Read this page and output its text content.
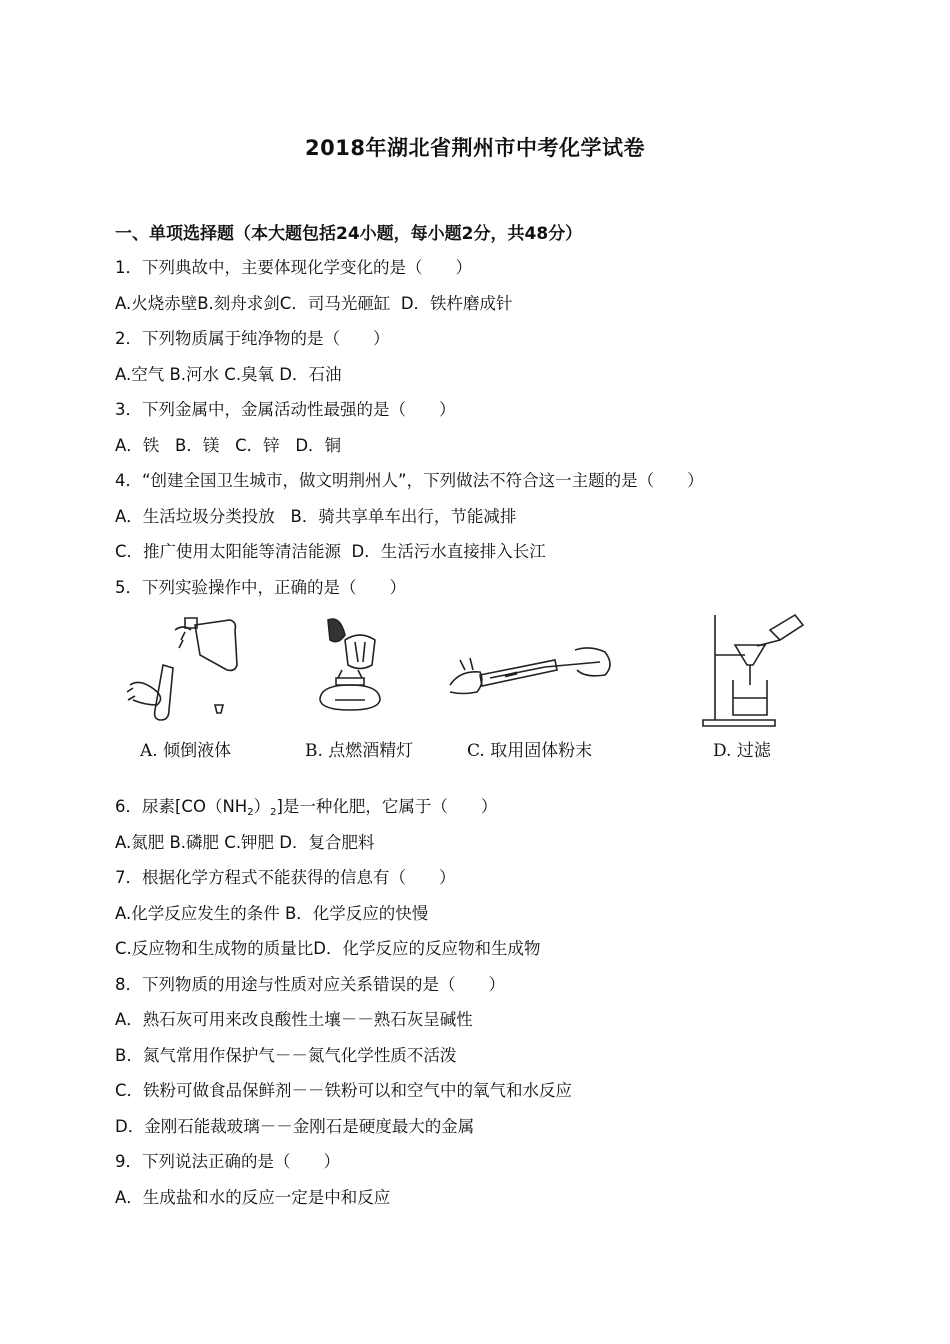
2018年湖北省荆州市中考化学试卷
一、单项选择题（本大题包括24小题，每小题2分，共48分）
1．下列典故中，主要体现化学变化的是（　　）
A.火烧赤壁B.刻舟求剑C．司马光砸缸  D．铁杵磨成针
2．下列物质属于纯净物的是（　　）
A.空气 B.河水 C.臭氧 D．石油
3．下列金属中，金属活动性最强的是（　　）
A．铁   B．镁   C．锌   D．铜
4．“创建全国卫生城市，做文明荆州人”，下列做法不符合这一主题的是（　　）
A．生活垃圾分类投放   B．骑共享单车出行，节能减排
C．推广使用太阳能等清洁能源  D．生活污水直接排入长江
5．下列实验操作中，正确的是（　　）
A. 倾倒液体	B. 点燃酒精灯	C. 取用固体粉末	D. 过滤
6．尿素$[CO(NH_2)_2]$是一种化肥，它属于（　　）
A.氮肥 B.磷肥 C.钾肥 D．复合肥料
7．根据化学方程式不能获得的信息有（　　）
A.化学反应发生的条件 B．化学反应的快慢
C.反应物和生成物的质量比D．化学反应的反应物和生成物
8．下列物质的用途与性质对应关系错误的是（　　）
A．熟石灰可用来改良酸性土壤－－熟石灰呈碱性
B．氮气常用作保护气－－氮气化学性质不活泼
C．铁粉可做食品保鲜剂－－铁粉可以和空气中的氧气和水反应
D．金刚石能裁玻璃－－金刚石是硬度最大的金属
9．下列说法正确的是（　　）
A．生成盐和水的反应一定是中和反应
